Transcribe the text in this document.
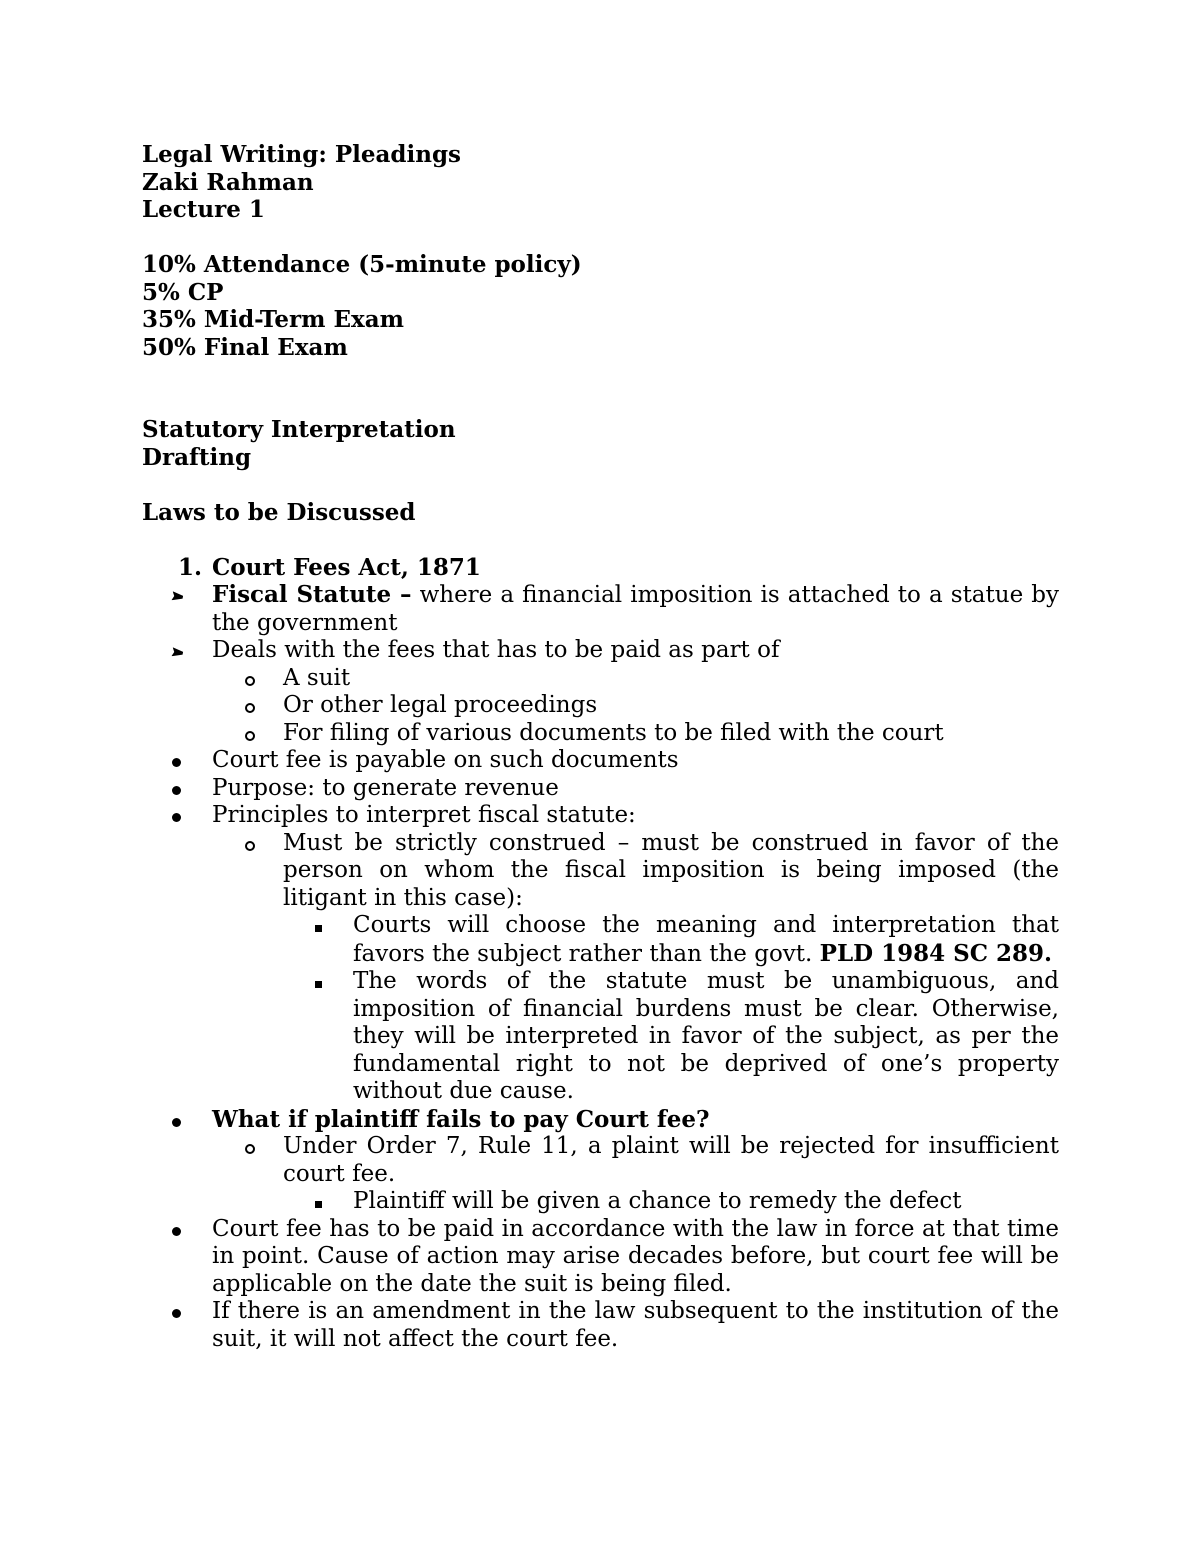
Legal Writing: Pleadings

Zaki Rahman

Lecture 1

10% Attendance (5-minute policy)

5% CP

35% Mid-Term Exam

50% Final Exam

Statutory Interpretation

Drafting

Laws to be Discussed

1. Court Fees Act, 1871
Fiscal Statute – where a financial imposition is attached to a statue by the government
Deals with the fees that has to be paid as part of
A suit
Or other legal proceedings
For filing of various documents to be filed with the court
Court fee is payable on such documents
Purpose: to generate revenue
Principles to interpret fiscal statute:
Must be strictly construed – must be construed in favor of the person on whom the fiscal imposition is being imposed (the litigant in this case):
Courts will choose the meaning and interpretation that favors the subject rather than the govt. PLD 1984 SC 289.
The words of the statute must be unambiguous, and imposition of financial burdens must be clear. Otherwise, they will be interpreted in favor of the subject, as per the fundamental right to not be deprived of one’s property without due cause.
What if plaintiff fails to pay Court fee?
Under Order 7, Rule 11, a plaint will be rejected for insufficient court fee.
Plaintiff will be given a chance to remedy the defect
Court fee has to be paid in accordance with the law in force at that time in point. Cause of action may arise decades before, but court fee will be applicable on the date the suit is being filed.
If there is an amendment in the law subsequent to the institution of the suit, it will not affect the court fee.
